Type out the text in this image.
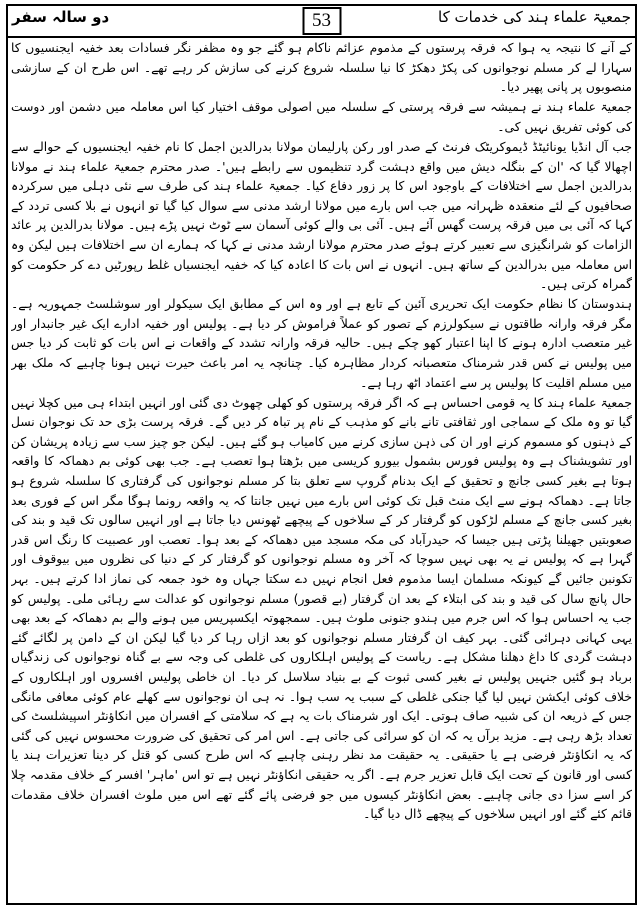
دو سالہ سفر	53	جمعیۃ علماء ہند کی خدمات کا

کے آنے کا نتیجہ یہ ہوا کہ فرقہ پرستوں کے مذموم عزائم ناکام ہو گئے جو وہ مظفر نگر فسادات بعد خفیہ ایجنسیوں کا سہارا لے کر مسلم نوجوانوں کی پکڑ دھکڑ کا نیا سلسلہ شروع کرنے کی سازش کر رہے تھے۔ اس طرح ان کے سازشی منصوبوں پر پانی پھیر دیا۔

جمعیۃ علماء ہند نے ہمیشہ سے فرقہ پرستی کے سلسلہ میں اصولی موقف اختیار کیا اس معاملہ میں دشمن اور دوست کی کوئی تفریق نہیں کی۔

جب آل انڈیا یونائیٹڈ ڈیموکریٹک فرنٹ کے صدر اور رکن پارلیمان مولانا بدرالدین اجمل کا نام خفیہ ایجنسیوں کے حوالے سے اچھالا گیا کہ 'ان کے بنگلہ دیش میں واقع دہشت گرد تنظیموں سے رابطے ہیں'۔ صدر محترم جمعیۃ علماء ہند نے مولانا بدرالدین اجمل سے اختلافات کے باوجود اس کا پر زور دفاع کیا۔ جمعیۃ علماء ہند کی طرف سے نئی دہلی میں سرکردہ صحافیوں کے لئے منعقدہ ظہرانہ میں جب اس بارے میں مولانا ارشد مدنی سے سوال کیا گیا تو انہوں نے بلا کسی تردد کے کہا کہ آئی بی میں فرقہ پرست گھس آئے ہیں۔ آئی بی والے کوئی آسمان سے ٹوٹ نہیں پڑے ہیں۔ مولانا بدرالدین پر عائد الزامات کو شرانگیزی سے تعبیر کرتے ہوئے صدر محترم مولانا ارشد مدنی نے کہا کہ ہمارے ان سے اختلافات ہیں لیکن وہ اس معاملہ میں بدرالدین کے ساتھ ہیں۔ انہوں نے اس بات کا اعادہ کیا کہ خفیہ ایجنسیاں غلط رپورٹیں دے کر حکومت کو گمراہ کرتی ہیں۔

ہندوستان کا نظام حکومت ایک تحریری آئین کے تابع ہے اور وہ اس کے مطابق ایک سیکولر اور سوشلسٹ جمہوریہ ہے۔ مگر فرقہ وارانہ طاقتوں نے سیکولرزم کے تصور کو عملاً فراموش کر دیا ہے۔ پولیس اور خفیہ ادارے ایک غیر جانبدار اور غیر متعصب ادارہ ہونے کا اپنا اعتبار کھو چکے ہیں۔ حالیہ فرقہ وارانہ تشدد کے واقعات نے اس بات کو ثابت کر دیا جس میں پولیس نے کس قدر شرمناک متعصبانہ کردار مظاہرہ کیا۔ چنانچہ یہ امر باعث حیرت نہیں ہونا چاہیے کہ ملک بھر میں مسلم اقلیت کا پولیس پر سے اعتماد اٹھ رہا ہے۔

جمعیۃ علماء ہند کا یہ قومی احساس ہے کہ اگر فرقہ پرستوں کو کھلی چھوٹ دی گئی اور انہیں ابتداء ہی میں کچلا نہیں گیا تو وہ ملک کے سماجی اور ثقافتی تانے بانے کو مذہب کے نام پر تباہ کر دیں گے۔ فرقہ پرست بڑی حد تک نوجوان نسل کے ذہنوں کو مسموم کرنے اور ان کی ذہن سازی کرنے میں کامیاب ہو گئے ہیں۔ لیکن جو چیز سب سے زیادہ پریشان کن اور تشویشناک ہے وہ پولیس فورس بشمول بیورو کریسی میں بڑھتا ہوا تعصب ہے۔ جب بھی کوئی بم دھماکہ کا واقعہ ہوتا ہے بغیر کسی جانچ و تحقیق کے ایک بدنام گروپ سے تعلق بتا کر مسلم نوجوانوں کی گرفتاری کا سلسلہ شروع ہو جاتا ہے۔ دھماکہ ہونے سے ایک منٹ قبل تک کوئی اس بارے میں نہیں جانتا کہ یہ واقعہ رونما ہوگا مگر اس کے فوری بعد بغیر کسی جانچ کے مسلم لڑکوں کو گرفتار کر کے سلاخوں کے پیچھے ٹھونس دیا جاتا ہے اور انہیں سالوں تک قید و بند کی صعوبتیں جھیلنا پڑتی ہیں جیسا کہ حیدرآباد کی مکہ مسجد میں دھماکہ کے بعد ہوا۔ تعصب اور عصبیت کا رنگ اس قدر گہرا ہے کہ پولیس نے یہ بھی نہیں سوچا کہ آخر وہ مسلم نوجوانوں کو گرفتار کر کے دنیا کی نظروں میں بیوقوف اور تکونبن جائیں گے کیونکہ مسلمان ایسا مذموم فعل انجام نہیں دے سکتا جہاں وہ خود جمعہ کی نماز ادا کرتے ہیں۔ بہر حال پانچ سال کی قید و بند کی ابتلاء کے بعد ان گرفتار (بے قصور) مسلم نوجوانوں کو عدالت سے رہائی ملی۔ پولیس کو جب یہ احساس ہوا کہ اس جرم میں ہندو جنونی ملوث ہیں۔ سمجھوتہ ایکسپریس میں ہونے والے بم دھماکہ کے بعد بھی یہی کہانی دہرائی گئی۔ بہر کیف ان گرفتار مسلم نوجوانوں کو بعد ازاں رہا کر دیا گیا لیکن ان کے دامن پر لگائے گئے دہشت گردی کا داغ دھلنا مشکل ہے۔ ریاست کے پولیس اہلکاروں کی غلطی کی وجہ سے بے گناہ نوجوانوں کی زندگیاں برباد ہو گئیں جنہیں پولیس نے بغیر کسی ثبوت کے بے بنیاد سلاسل کر دیا۔ ان خاطی پولیس افسروں اور اہلکاروں کے خلاف کوئی ایکشن نہیں لیا گیا جنکی غلطی کے سبب یہ سب ہوا۔ نہ ہی ان نوجوانوں سے کھلے عام کوئی معافی مانگی جس کے ذریعہ ان کی شبیہ صاف ہوتی۔ ایک اور شرمناک بات یہ ہے کہ سلامتی کے افسران میں انکاؤنٹر اسپیشلسٹ کی تعداد بڑھ رہی ہے۔ مزید برآں یہ کہ ان کو سرائی کی جاتی ہے۔ اس امر کی تحقیق کی ضرورت محسوس نہیں کی گئی کہ یہ انکاؤنٹر فرضی ہے یا حقیقی۔ یہ حقیقت مد نظر رہنی چاہیے کہ اس طرح کسی کو قتل کر دینا تعزیرات ہند یا کسی اور قانون کے تحت ایک قابل تعزیر جرم ہے۔ اگر یہ حقیقی انکاؤنٹر نہیں ہے تو اس 'ماہر' افسر کے خلاف مقدمہ چلا کر اسے سزا دی جانی چاہیے۔ بعض انکاؤنٹر کیسوں میں جو فرضی پائے گئے تھے اس میں ملوث افسران خلاف مقدمات قائم کئے گئے اور انہیں سلاخوں کے پیچھے ڈال دیا گیا۔
